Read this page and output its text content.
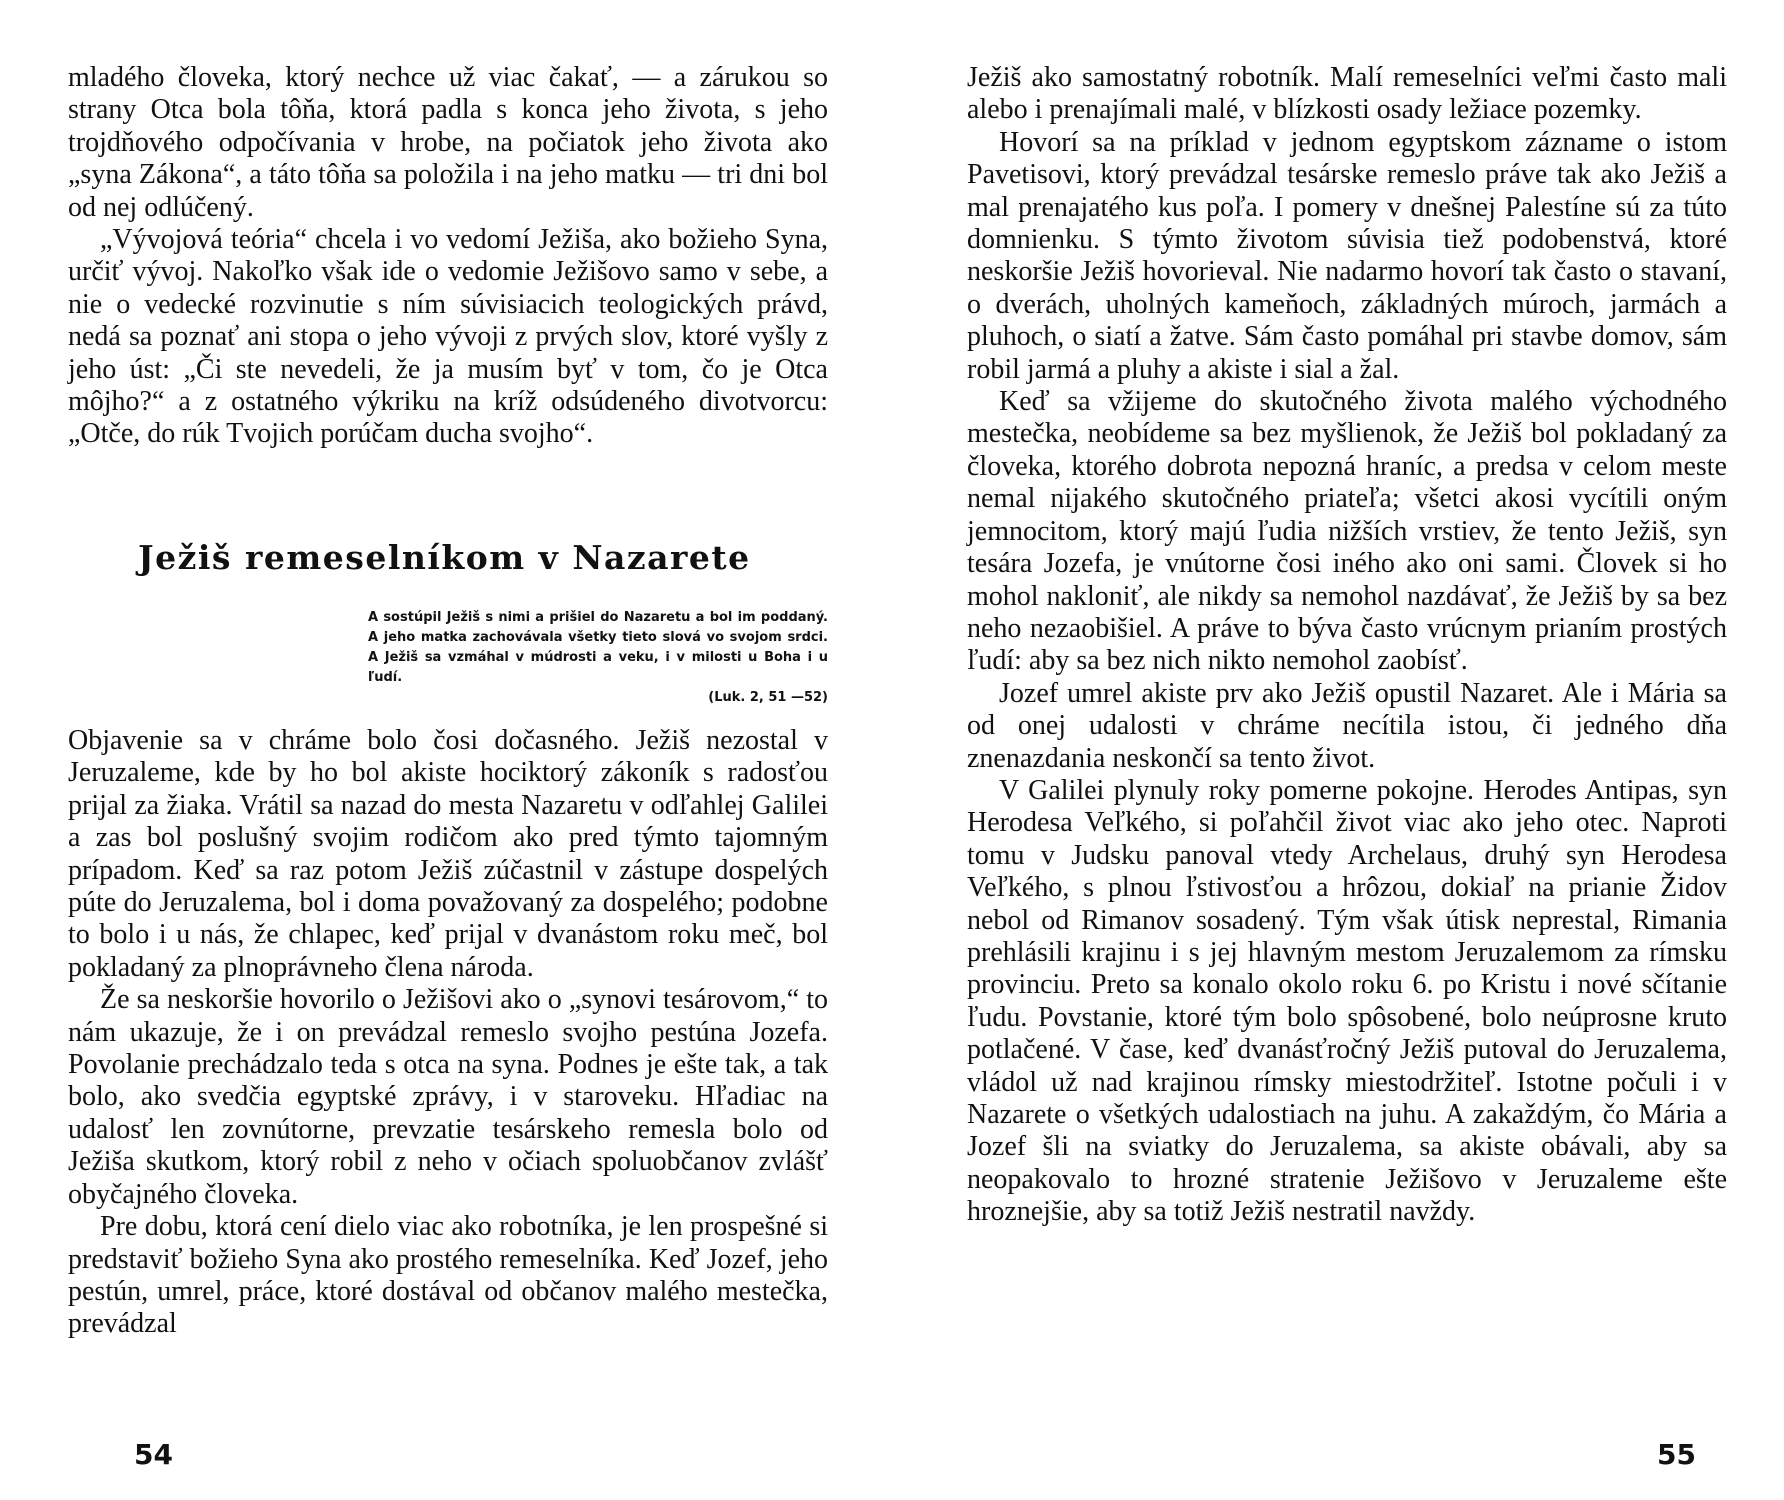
mladého človeka, ktorý nechce už viac čakať, — a zárukou so strany Otca bola tôňa, ktorá padla s konca jeho života, s jeho trojdňového odpočívania v hrobe, na počiatok jeho života ako „syna Zákona“, a táto tôňa sa položila i na jeho matku — tri dni bol od nej odlúčený.

„Vývojová teória“ chcela i vo vedomí Ježiša, ako božieho Syna, určiť vývoj. Nakoľko však ide o vedomie Ježišovo samo v sebe, a nie o vedecké rozvinutie s ním súvisiacich teologických právd, nedá sa poznať ani stopa o jeho vývoji z prvých slov, ktoré vyšly z jeho úst: „Či ste nevedeli, že ja musím byť v tom, čo je Otca môjho?“ a z ostatného výkriku na kríž odsúdeného divotvorcu: „Otče, do rúk Tvojich porúčam ducha svojho“.

Ježiš remeselníkom v Nazarete
A sostúpil Ježiš s nimi a prišiel do Nazaretu a bol im poddaný. A jeho matka zachovávala všetky tieto slová vo svojom srdci. A Ježiš sa vzmáhal v múdrosti a veku, i v milosti u Boha i u ľudí.
(Luk. 2, 51 —52)

Objavenie sa v chráme bolo čosi dočasného. Ježiš nezostal v Jeruzaleme, kde by ho bol akiste hociktorý zákoník s radosťou prijal za žiaka. Vrátil sa nazad do mesta Nazaretu v odľahlej Galilei a zas bol poslušný svojim rodičom ako pred týmto tajomným prípadom. Keď sa raz potom Ježiš zúčastnil v zástupe dospelých púte do Jeruzalema, bol i doma považovaný za dospelého; podobne to bolo i u nás, že chlapec, keď prijal v dvanástom roku meč, bol pokladaný za plnoprávneho člena národa.

Že sa neskoršie hovorilo o Ježišovi ako o „synovi tesárovom,“ to nám ukazuje, že i on prevádzal remeslo svojho pestúna Jozefa. Povolanie prechádzalo teda s otca na syna. Podnes je ešte tak, a tak bolo, ako svedčia egyptské zprávy, i v staroveku. Hľadiac na udalosť len zovnútorne, prevzatie tesárskeho remesla bolo od Ježiša skutkom, ktorý robil z neho v očiach spoluobčanov zvlášť obyčajného človeka.

Pre dobu, ktorá cení dielo viac ako robotníka, je len prospešné si predstaviť božieho Syna ako prostého remeselníka. Keď Jozef, jeho pestún, umrel, práce, ktoré dostával od občanov malého mestečka, prevádzal

54

Ježiš ako samostatný robotník. Malí remeselníci veľmi často mali alebo i prenajímali malé, v blízkosti osady ležiace pozemky.

Hovorí sa na príklad v jednom egyptskom zázname o istom Pavetisovi, ktorý prevádzal tesárske remeslo práve tak ako Ježiš a mal prenajatého kus poľa. I pomery v dnešnej Palestíne sú za túto domnienku. S týmto životom súvisia tiež podobenstvá, ktoré neskoršie Ježiš hovorieval. Nie nadarmo hovorí tak často o stavaní, o dverách, uholných kameňoch, základných múroch, jarmách a pluhoch, o siatí a žatve. Sám často pomáhal pri stavbe domov, sám robil jarmá a pluhy a akiste i sial a žal.

Keď sa vžijeme do skutočného života malého východného mestečka, neobídeme sa bez myšlienok, že Ježiš bol pokladaný za človeka, ktorého dobrota nepozná hraníc, a predsa v celom meste nemal nijakého skutočného priateľa; všetci akosi vycítili oným jemnocitom, ktorý majú ľudia nižších vrstiev, že tento Ježiš, syn tesára Jozefa, je vnútorne čosi iného ako oni sami. Človek si ho mohol nakloniť, ale nikdy sa nemohol nazdávať, že Ježiš by sa bez neho nezaobišiel. A práve to býva často vrúcnym prianím prostých ľudí: aby sa bez nich nikto nemohol zaobísť.

Jozef umrel akiste prv ako Ježiš opustil Nazaret. Ale i Mária sa od onej udalosti v chráme necítila istou, či jedného dňa znenazdania neskončí sa tento život.

V Galilei plynuly roky pomerne pokojne. Herodes Antipas, syn Herodesa Veľkého, si poľahčil život viac ako jeho otec. Naproti tomu v Judsku panoval vtedy Archelaus, druhý syn Herodesa Veľkého, s plnou ľstivosťou a hrôzou, dokiaľ na prianie Židov nebol od Rimanov sosadený. Tým však útisk neprestal, Rimania prehlásili krajinu i s jej hlavným mestom Jeruzalemom za rímsku provinciu. Preto sa konalo okolo roku 6. po Kristu i nové sčítanie ľudu. Povstanie, ktoré tým bolo spôsobené, bolo neúprosne kruto potlačené. V čase, keď dvanásťročný Ježiš putoval do Jeruzalema, vládol už nad krajinou rímsky miestodržiteľ. Istotne počuli i v Nazarete o všetkých udalostiach na juhu. A zakaždým, čo Mária a Jozef šli na sviatky do Jeruzalema, sa akiste obávali, aby sa neopakovalo to hrozné stratenie Ježišovo v Jeruzaleme ešte hroznejšie, aby sa totiž Ježiš nestratil navždy.

55
